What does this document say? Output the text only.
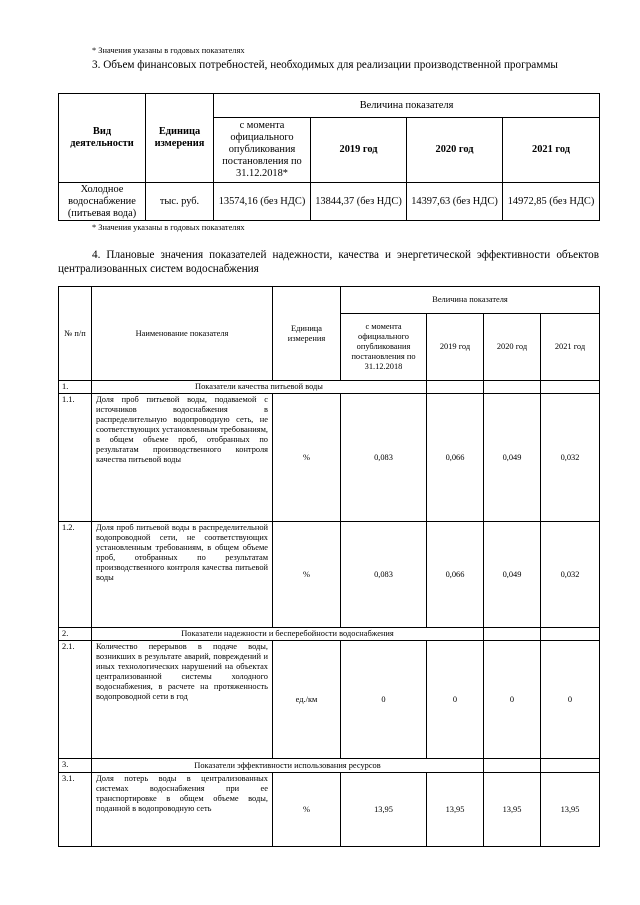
* Значения указаны в годовых показателях
3. Объем финансовых потребностей, необходимых для реализации производственной программы
Вид деятельности	Единица измерения	Величина показателя			
		с момента официального опубликования постановления по 31.12.2018*	2019 год	2020 год	2021 год
Холодное водоснабжение (питьевая вода)	тыс. руб.	13574,16 (без НДС)	13844,37 (без НДС)	14397,63 (без НДС)	14972,85 (без НДС)
* Значения указаны в годовых показателях
4. Плановые значения показателей надежности, качества и энергетической эффективности объектов централизованных систем водоснабжения
№ п/п	Наименование показателя	Единица измерения	Величина показателя			
			с момента официального опубликования постановления по 31.12.2018	2019 год	2020 год	2021 год
1.	Показатели качества питьевой воды					
1.1.	Доля проб питьевой воды, подаваемой с источников водоснабжения в распределительную водопроводную сеть, не соответствующих установленным требованиям, в общем объеме проб, отобранных по результатам производственного контроля качества питьевой воды	%	0,083	0,066	0,049	0,032
1.2.	Доля проб питьевой воды в распределительной водопроводной сети, не соответствующих установленным требованиям, в общем объеме проб, отобранных по результатам производственного контроля качества питьевой воды	%	0,083	0,066	0,049	0,032
2.	Показатели надежности и бесперебойности водоснабжения					
2.1.	Количество перерывов в подаче воды, возникших в результате аварий, повреждений и иных технологических нарушений на объектах централизованной системы холодного водоснабжения, в расчете на протяженность водопроводной сети в год	ед./км	0	0	0	0
3.	Показатели эффективности использования ресурсов					
3.1.	Доля потерь воды в централизованных системах водоснабжения при ее транспортировке в общем объеме воды, поданной в водопроводную сеть	%	13,95	13,95	13,95	13,95
